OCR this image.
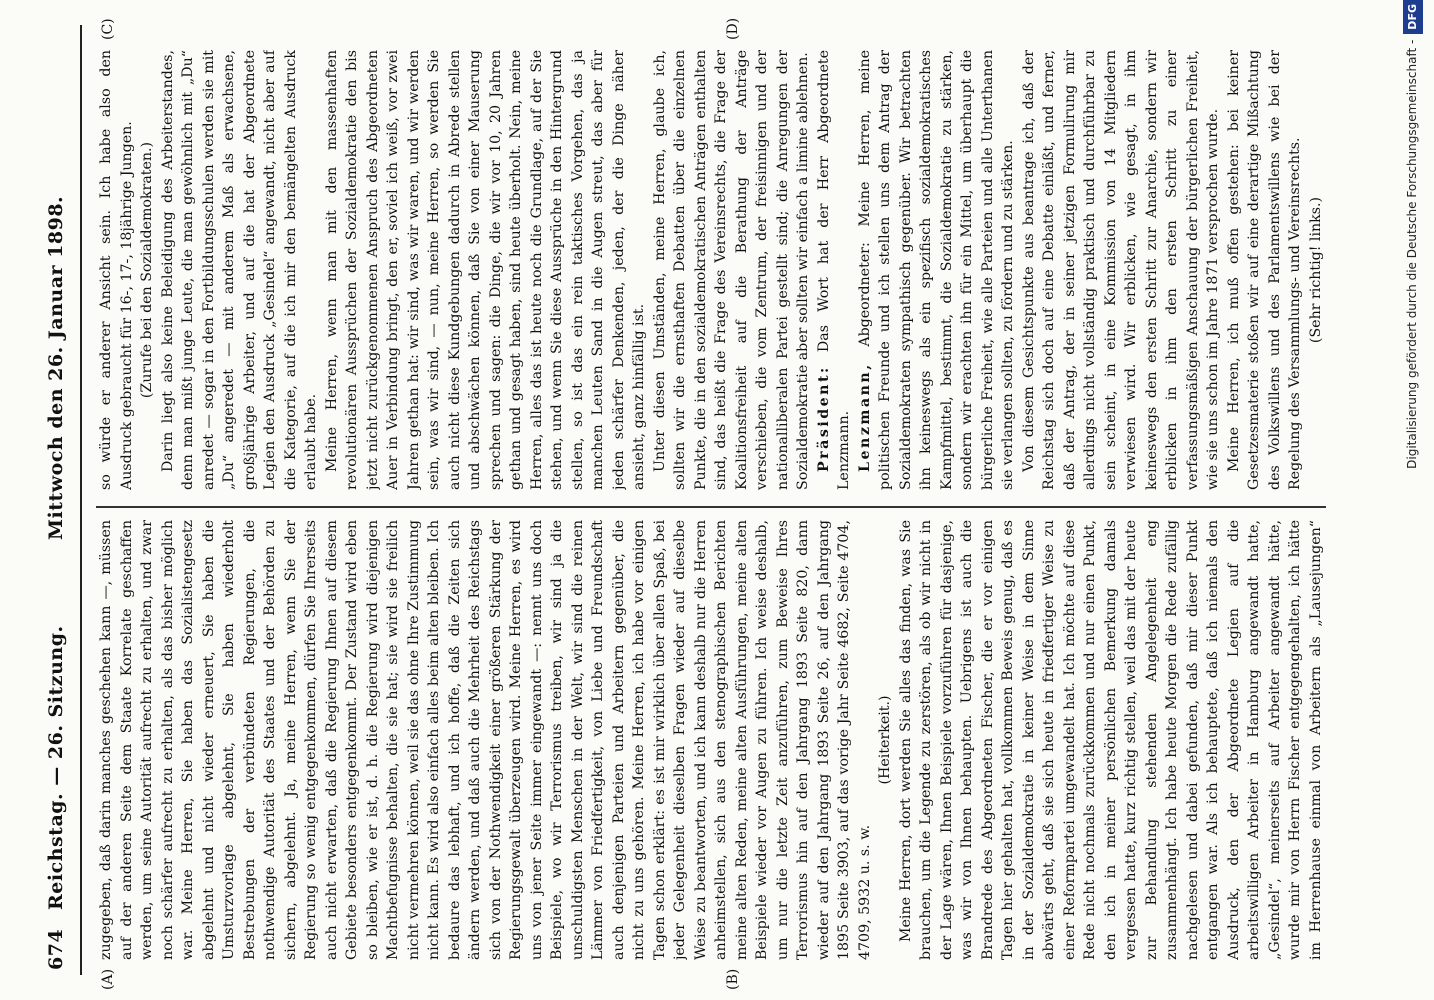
674
Reichstag. — 26. Sitzung.
Mittwoch den 26. Januar 1898.
(A)	(B)
(C)	(D)

zugegeben, daß darin manches geschehen kann —, müssen auf der anderen Seite dem Staate Korrelate geschaffen werden, um seine Autorität aufrecht zu erhalten, und zwar noch schärfer aufrecht zu erhalten, als das bisher möglich war. Meine Herren, Sie haben das Sozialistengesetz abgelehnt und nicht wieder erneuert, Sie haben die Umsturzvorlage abgelehnt, Sie haben wiederholt Bestrebungen der verbündeten Regierungen, die nothwendige Autorität des Staates und der Behörden zu sichern, abgelehnt. Ja, meine Herren, wenn Sie der Regierung so wenig entgegenkommen, dürfen Sie Ihrerseits auch nicht erwarten, daß die Regierung Ihnen auf diesem Gebiete besonders entgegenkommt. Der Zustand wird eben so bleiben, wie er ist, d. h. die Regierung wird diejenigen Machtbefugnisse behalten, die sie hat; sie wird sie freilich nicht vermehren können, weil sie das ohne Ihre Zustimmung nicht kann. Es wird also einfach alles beim alten bleiben. Ich bedaure das lebhaft, und ich hoffe, daß die Zeiten sich ändern werden, und daß auch die Mehrheit des Reichstags sich von der Nothwendigkeit einer größeren Stärkung der Regierungsgewalt überzeugen wird. Meine Herren, es wird uns von jener Seite immer eingewandt —: nennt uns doch Beispiele, wo wir Terrorismus treiben, wir sind ja die unschuldigsten Menschen in der Welt, wir sind die reinen Lämmer von Friedfertigkeit, von Liebe und Freundschaft auch denjenigen Parteien und Arbeitern gegenüber, die nicht zu uns gehören. Meine Herren, ich habe vor einigen Tagen schon erklärt: es ist mir wirklich über allen Spaß, bei jeder Gelegenheit dieselben Fragen wieder auf dieselbe Weise zu beantworten, und ich kann deshalb nur die Herren anheimstellen, sich aus den stenographischen Berichten meine alten Reden, meine alten Ausführungen, meine alten Beispiele wieder vor Augen zu führen. Ich weise deshalb, um nur die letzte Zeit anzuführen, zum Beweise Ihres Terrorismus hin auf den Jahrgang 1893 Seite 820, dann wieder auf den Jahrgang 1893 Seite 26, auf den Jahrgang 1895 Seite 3903, auf das vorige Jahr Seite 4682, Seite 4704, 4709, 5932 u. s. w.

(Heiterkeit.)

Meine Herren, dort werden Sie alles das finden, was Sie brauchen, um die Legende zu zerstören, als ob wir nicht in der Lage wären, Ihnen Beispiele vorzuführen für dasjenige, was wir von Ihnen behaupten. Uebrigens ist auch die Brandrede des Abgeordneten Fischer, die er vor einigen Tagen hier gehalten hat, vollkommen Beweis genug, daß es in der Sozialdemokratie in keiner Weise in dem Sinne abwärts geht, daß sie sich heute in friedfertiger Weise zu einer Reformpartei umgewandelt hat. Ich möchte auf diese Rede nicht nochmals zurückkommen und nur einen Punkt, den ich in meiner persönlichen Bemerkung damals vergessen hatte, kurz richtig stellen, weil das mit der heute zur Behandlung stehenden Angelegenheit eng zusammenhängt. Ich habe heute Morgen die Rede zufällig nachgelesen und dabei gefunden, daß mir dieser Punkt entgangen war. Als ich behauptete, daß ich niemals den Ausdruck, den der Abgeordnete Legien auf die arbeitswilligen Arbeiter in Hamburg angewandt hatte, „Gesindel“, meinerseits auf Arbeiter angewandt hätte, wurde mir von Herrn Fischer entgegengehalten, ich hätte im Herrenhause einmal von Arbeitern als „Lausejungen“

so würde er anderer Ansicht sein. Ich habe also den Ausdruck gebraucht für 16-, 17-, 18jährige Jungen. (Zurufe bei den Sozialdemokraten.) Darin liegt also keine Beleidigung des Arbeiterstandes, denn man mißt junge Leute, die man gewöhnlich mit „Du“ anredet — sogar in den Fortbildungsschulen werden sie mit „Du“ angeredet — mit anderem Maß als erwachsene, großjährige Arbeiter, und auf die hat der Abgeordnete Legien den Ausdruck „Gesindel“ angewandt, nicht aber auf die Kategorie, auf die ich mir den bemängelten Ausdruck erlaubt habe. Meine Herren, wenn man mit den massenhaften revolutionären Aussprüchen der Sozialdemokratie den bis jetzt nicht zurückgenommenen Anspruch des Abgeordneten Auer in Verbindung bringt, den er, soviel ich weiß, vor zwei Jahren gethan hat: wir sind, was wir waren, und wir werden sein, was wir sind, — nun, meine Herren, so werden Sie auch nicht diese Kundgebungen dadurch in Abrede stellen und abschwächen können, daß Sie von einer Mauserung sprechen und sagen: die Dinge, die wir vor 10, 20 Jahren gethan und gesagt haben, sind heute überholt. Nein, meine Herren, alles das ist heute noch die Grundlage, auf der Sie stehen, und wenn Sie diese Aussprüche in den Hintergrund stellen, so ist das ein rein taktisches Vorgehen, das ja manchen Leuten Sand in die Augen streut, das aber für jeden schärfer Denkenden, jeden, der die Dinge näher ansieht, ganz hinfällig ist. Unter diesen Umständen, meine Herren, glaube ich, sollten wir die ernsthaften Debatten über die einzelnen Punkte, die in den sozialdemokratischen Anträgen enthalten sind, das heißt die Frage des Vereinsrechts, die Frage der Koalitionsfreiheit auf die Berathung der Anträge verschieben, die vom Zentrum, der freisinnigen und der nationalliberalen Partei gestellt sind; die Anregungen der Sozialdemokratie aber sollten wir einfach a limine ablehnen. Präsident: Das Wort hat der Herr Abgeordnete Lenzmann. Lenzmann, Abgeordneter: Meine Herren, meine politischen Freunde und ich stellen uns dem Antrag der Sozialdemokraten sympathisch gegenüber. Wir betrachten ihn keineswegs als ein spezifisch sozialdemokratisches Kampfmittel, bestimmt, die Sozialdemokratie zu stärken, sondern wir erachten ihn für ein Mittel, um überhaupt die bürgerliche Freiheit, wie alle Parteien und alle Unterthanen sie verlangen sollten, zu fördern und zu stärken. Von diesem Gesichtspunkte aus beantrage ich, daß der Reichstag sich doch auf eine Debatte einläßt, und ferner, daß der Antrag, der in seiner jetzigen Formulirung mir allerdings nicht vollständig praktisch und durchführbar zu sein scheint, in eine Kommission von 14 Mitgliedern verwiesen wird. Wir erblicken, wie gesagt, in ihm keineswegs den ersten Schritt zur Anarchie, sondern wir erblicken in ihm den ersten Schritt zu einer verfassungsmäßigen Anschauung der bürgerlichen Freiheit, wie sie uns schon im Jahre 1871 versprochen wurde. Meine Herren, ich muß offen gestehen: bei keiner Gesetzesmaterie stoßen wir auf eine derartige Mißachtung des Volkswillens und des Parlamentswillens wie bei der Regelung des Versammlungs- und Vereinsrechts. (Sehr richtig! links.)	Digitalisierung gefördert durch die Deutsche Forschungsgemeinschaft -DFG
